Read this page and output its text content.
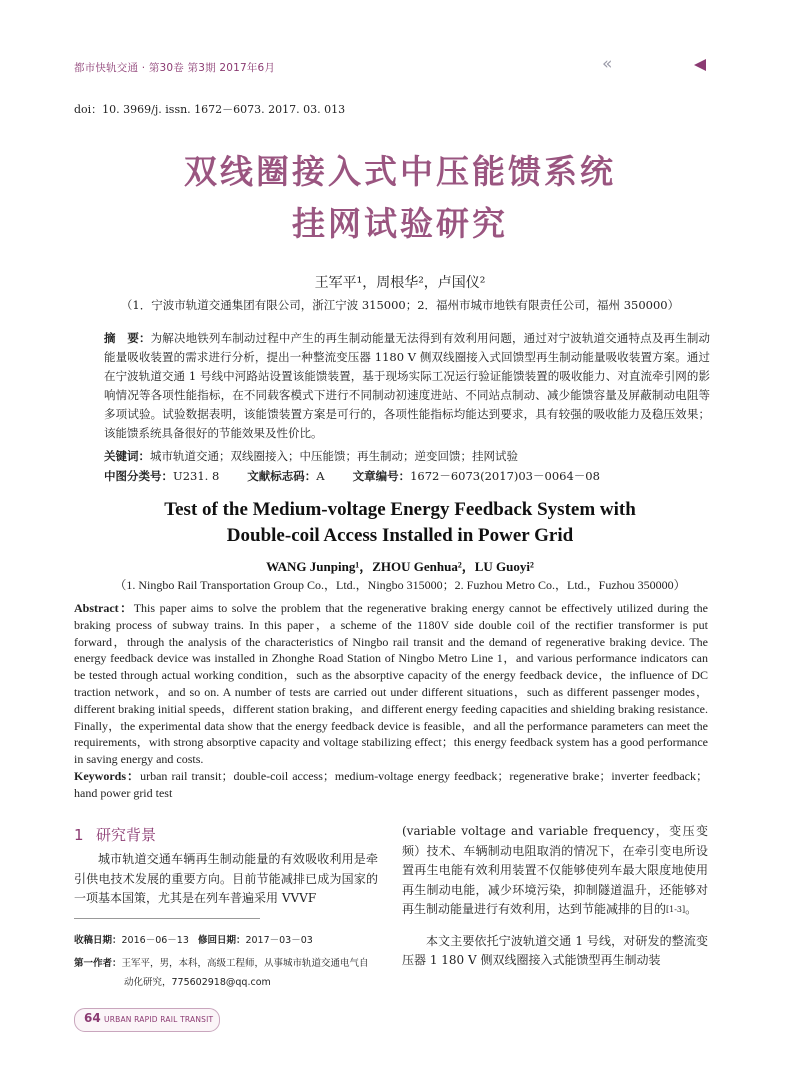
都市快轨交通 · 第30卷 第3期 2017年6月	«
doi：10. 3969/j. issn. 1672－6073. 2017. 03. 013
双线圈接入式中压能馈系统
挂网试验研究
王军平¹，周根华²，卢国仪²
（1．宁波市轨道交通集团有限公司，浙江宁波 315000；2．福州市城市地铁有限责任公司，福州 350000）
摘　要：为解决地铁列车制动过程中产生的再生制动能量无法得到有效利用问题，通过对宁波轨道交通特点及再生制动能量吸收装置的需求进行分析，提出一种整流变压器 1180 V 侧双线圈接入式回馈型再生制动能量吸收装置方案。通过在宁波轨道交通 1 号线中河路站设置该能馈装置，基于现场实际工况运行验证能馈装置的吸收能力、对直流牵引网的影响情况等各项性能指标，在不同载客模式下进行不同制动初速度进站、不同站点制动、减少能馈容量及屏蔽制动电阻等多项试验。试验数据表明，该能馈装置方案是可行的，各项性能指标均能达到要求，具有较强的吸收能力及稳压效果；该能馈系统具备很好的节能效果及性价比。
关键词：城市轨道交通；双线圈接入；中压能馈；再生制动；逆变回馈；挂网试验
中图分类号：U231. 8 文献标志码：A 文章编号：1672－6073(2017)03－0064－08
Test of the Medium-voltage Energy Feedback System with
Double-coil Access Installed in Power Grid
WANG Junping¹，ZHOU Genhua²，LU Guoyi²
（1. Ningbo Rail Transportation Group Co.，Ltd.，Ningbo 315000；2. Fuzhou Metro Co.，Ltd.，Fuzhou 350000）
Abstract：This paper aims to solve the problem that the regenerative braking energy cannot be effectively utilized during the braking process of subway trains. In this paper，a scheme of the 1180V side double coil of the rectifier transformer is put forward，through the analysis of the characteristics of Ningbo rail transit and the demand of regenerative braking device. The energy feedback device was installed in Zhonghe Road Station of Ningbo Metro Line 1，and various performance indicators can be tested through actual working condition，such as the absorptive capacity of the energy feedback device，the influence of DC traction network，and so on. A number of tests are carried out under different situations，such as different passenger modes，different braking initial speeds，different station braking，and different energy feeding capacities and shielding braking resistance. Finally，the experimental data show that the energy feedback device is feasible，and all the performance parameters can meet the requirements，with strong absorptive capacity and voltage stabilizing effect；this energy feedback system has a good performance in saving energy and costs.
Keywords：urban rail transit；double-coil access；medium-voltage energy feedback；regenerative brake；inverter feedback；hand power grid test
1 研究背景

城市轨道交通车辆再生制动能量的有效吸收利用是牵引供电技术发展的重要方向。目前节能减排已成为国家的一项基本国策，尤其是在列车普遍采用 VVVF

收稿日期：2016－06－13 修回日期：2017－03－03
第一作者：王军平，男，本科，高级工程师，从事城市轨道交通电气自
动化研究，775602918@qq.com

(variable voltage and variable frequency，变压变频）技术、车辆制动电阻取消的情况下，在牵引变电所设置再生电能有效利用装置不仅能够使列车最大限度地使用再生制动电能，减少环境污染，抑制隧道温升，还能够对再生制动能量进行有效利用，达到节能减排的目的[1-3]。

本文主要依托宁波轨道交通 1 号线，对研发的整流变压器 1 180 V 侧双线圈接入式能馈型再生制动装

64 URBAN RAPID RAIL TRANSIT
